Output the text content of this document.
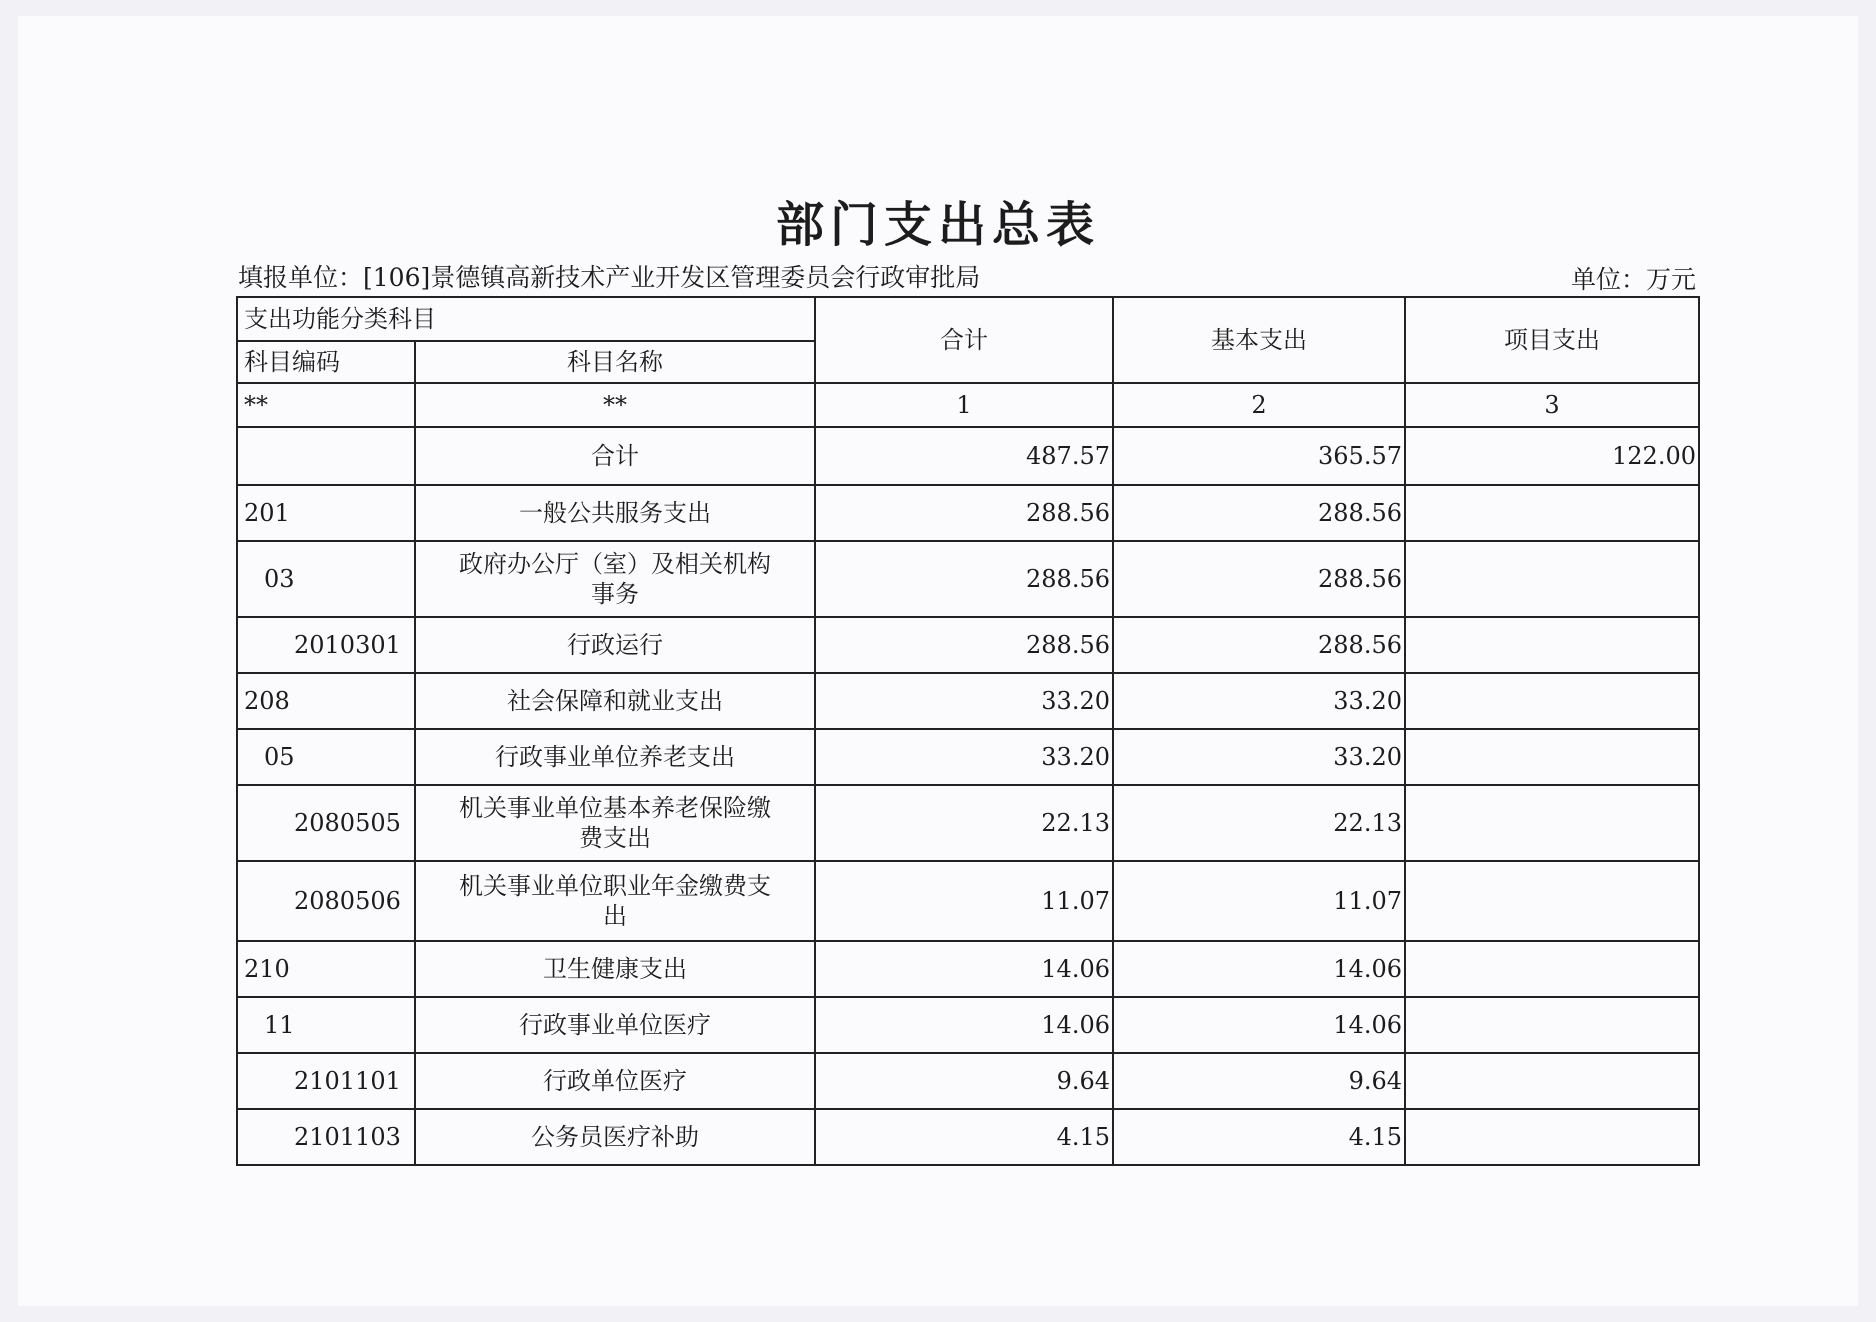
部门支出总表
填报单位：[106]景德镇高新技术产业开发区管理委员会行政审批局	单位：万元
支出功能分类科目		合计	基本支出	项目支出
科目编码	科目名称			
**	**	1	2	3
	合计	487.57	365.57	122.00
201	一般公共服务支出	288.56	288.56	
03	政府办公厅（室）及相关机构事务	288.56	288.56	
2010301	行政运行	288.56	288.56	
208	社会保障和就业支出	33.20	33.20	
05	行政事业单位养老支出	33.20	33.20	
2080505	机关事业单位基本养老保险缴费支出	22.13	22.13	
2080506	机关事业单位职业年金缴费支出	11.07	11.07	
210	卫生健康支出	14.06	14.06	
11	行政事业单位医疗	14.06	14.06	
2101101	行政单位医疗	9.64	9.64	
2101103	公务员医疗补助	4.15	4.15	
